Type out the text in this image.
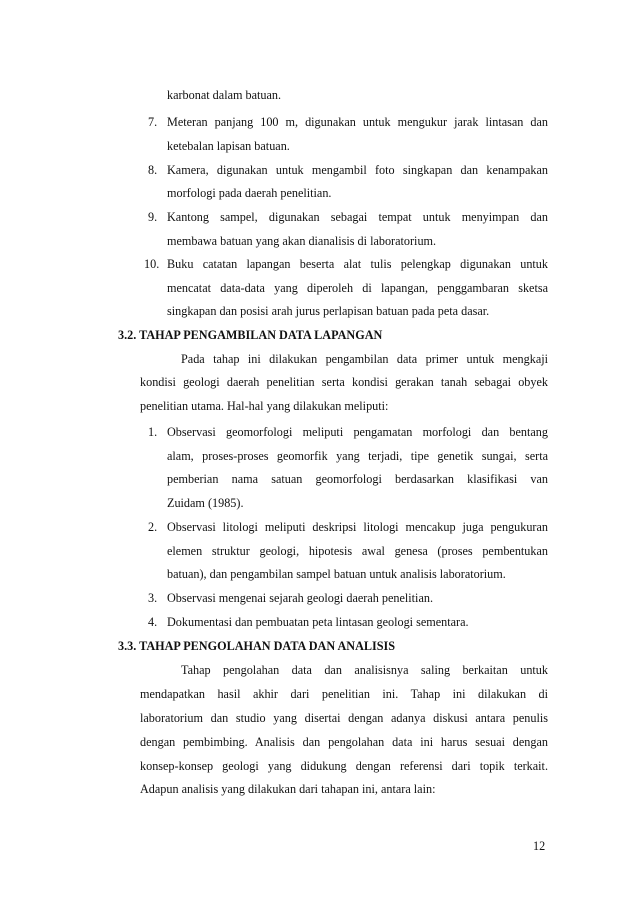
karbonat dalam batuan.
7. Meteran panjang 100 m, digunakan untuk mengukur jarak lintasan dan
ketebalan lapisan batuan.
8. Kamera, digunakan untuk mengambil foto singkapan dan kenampakan
morfologi pada daerah penelitian.
9. Kantong sampel, digunakan sebagai tempat untuk menyimpan dan
membawa batuan yang akan dianalisis di laboratorium.
10. Buku catatan lapangan beserta alat tulis pelengkap digunakan untuk
mencatat data-data yang diperoleh di lapangan, penggambaran sketsa
singkapan dan posisi arah jurus perlapisan batuan pada peta dasar.
3.2. TAHAP PENGAMBILAN DATA LAPANGAN
Pada tahap ini dilakukan pengambilan data primer untuk mengkaji
kondisi geologi daerah penelitian serta kondisi gerakan tanah sebagai obyek
penelitian utama. Hal-hal yang dilakukan meliputi:
1. Observasi geomorfologi meliputi pengamatan morfologi dan bentang
alam, proses-proses geomorfik yang terjadi, tipe genetik sungai, serta
pemberian nama satuan geomorfologi berdasarkan klasifikasi van
Zuidam (1985).
2. Observasi litologi meliputi deskripsi litologi mencakup juga pengukuran
elemen struktur geologi, hipotesis awal genesa (proses pembentukan
batuan), dan pengambilan sampel batuan untuk analisis laboratorium.
3. Observasi mengenai sejarah geologi daerah penelitian.
4. Dokumentasi dan pembuatan peta lintasan geologi sementara.
3.3. TAHAP PENGOLAHAN DATA DAN ANALISIS
Tahap pengolahan data dan analisisnya saling berkaitan untuk
mendapatkan hasil akhir dari penelitian ini. Tahap ini dilakukan di
laboratorium dan studio yang disertai dengan adanya diskusi antara penulis
dengan pembimbing. Analisis dan pengolahan data ini harus sesuai dengan
konsep-konsep geologi yang didukung dengan referensi dari topik terkait.
Adapun analisis yang dilakukan dari tahapan ini, antara lain:
12
